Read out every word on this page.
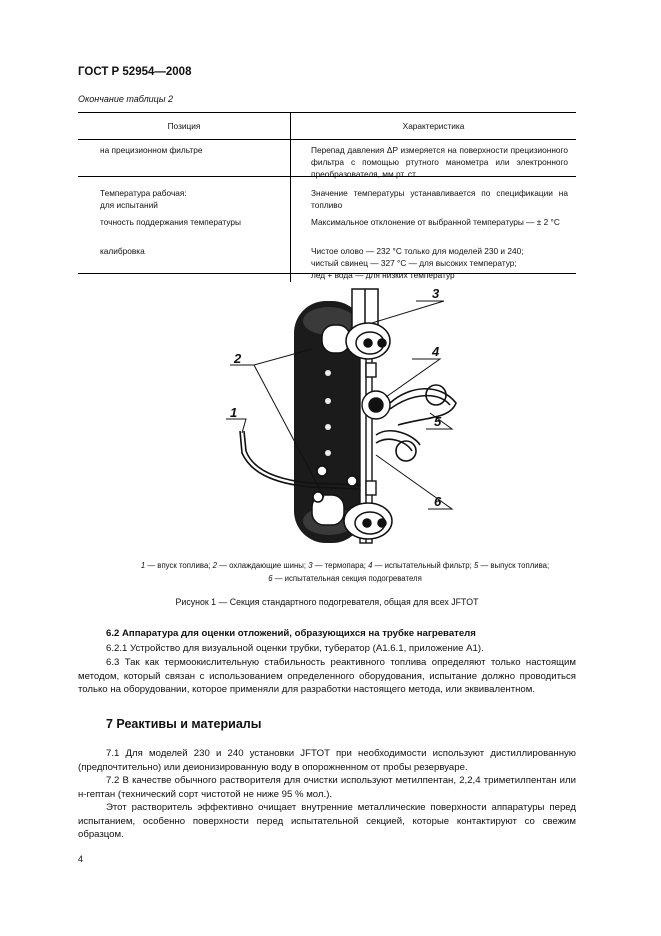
ГОСТ Р 52954—2008
Окончание таблицы 2
Позиция	Характеристика
на прецизионном фильтре	Перепад давления ΔP измеряется на поверхности прецизионного фильтра с помощью ртутного манометра или электронного преобразователя, мм рт. ст.

Температура рабочая:
для испытаний	Значение температуры устанавливается по спецификации на топливо
точность поддержания температуры	Максимальное отклонение от выбранной температуры — ± 2 °С
калибровка	Чистое олово — 232 °С только для моделей 230 и 240;
чистый свинец — 327 °С — для высоких температур;
лед + вода — для низких температур
3
4
5
6
2
1
1 — впуск топлива; 2 — охлаждающие шины; 3 — термопара; 4 — испытательный фильтр; 5 — выпуск топлива;
6 — испытательная секция подогревателя
Рисунок 1 — Секция стандартного подогревателя, общая для всех JFTOT
6.2 Аппаратура для оценки отложений, образующихся на трубке нагревателя
6.2.1 Устройство для визуальной оценки трубки, тубератор (А1.6.1, приложение А1).
6.3 Так как термоокислительную стабильность реактивного топлива определяют только настоящим методом, который связан с использованием определенного оборудования, испытание должно проводиться только на оборудовании, которое применяли для разработки настоящего метода, или эквивалентном.
7 Реактивы и материалы
7.1 Для моделей 230 и 240 установки JFTOT при необходимости используют дистиллированную (предпочтительно) или деионизированную воду в опорожненном от пробы резервуаре.
7.2 В качестве обычного растворителя для очистки используют метилпентан, 2,2,4 триметилпентан или н-гептан (технический сорт чистотой не ниже 95 % мол.).
Этот растворитель эффективно очищает внутренние металлические поверхности аппаратуры перед испытанием, особенно поверхности перед испытательной секцией, которые контактируют со свежим образцом.
4
